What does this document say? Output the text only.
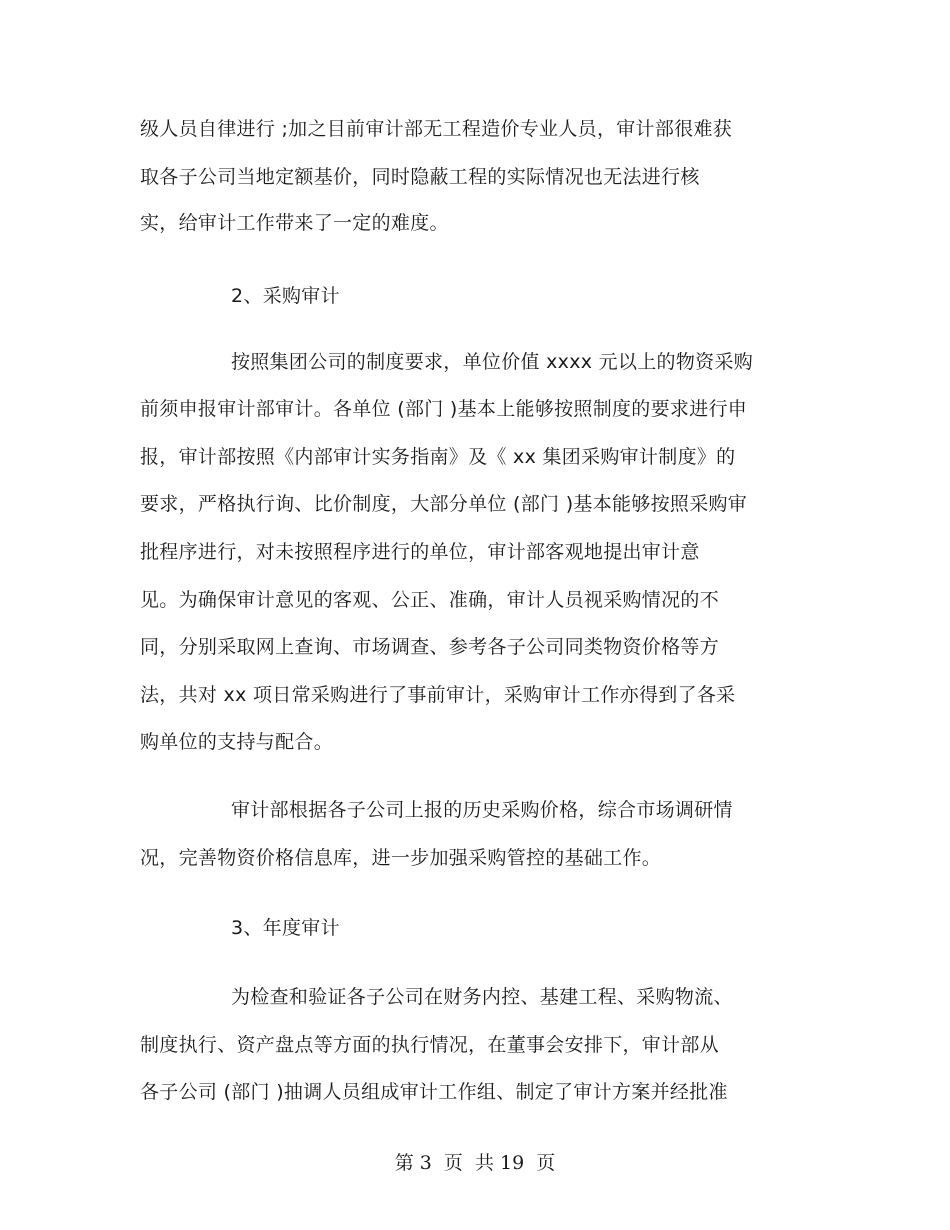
级人员自律进行 ;加之目前审计部无工程造价专业人员，审计部很难获
取各子公司当地定额基价，同时隐蔽工程的实际情况也无法进行核
实，给审计工作带来了一定的难度。
2、采购审计
按照集团公司的制度要求，单位价值 xxxx 元以上的物资采购
前须申报审计部审计。各单位 (部门 )基本上能够按照制度的要求进行申
报，审计部按照《内部审计实务指南》及《 xx 集团采购审计制度》的
要求，严格执行询、比价制度，大部分单位 (部门 )基本能够按照采购审
批程序进行，对未按照程序进行的单位，审计部客观地提出审计意
见。为确保审计意见的客观、公正、准确，审计人员视采购情况的不
同，分别采取网上查询、市场调查、参考各子公司同类物资价格等方
法，共对 xx 项日常采购进行了事前审计，采购审计工作亦得到了各采
购单位的支持与配合。
审计部根据各子公司上报的历史采购价格，综合市场调研情
况，完善物资价格信息库，进一步加强采购管控的基础工作。
3、年度审计
为检查和验证各子公司在财务内控、基建工程、采购物流、
制度执行、资产盘点等方面的执行情况，在董事会安排下，审计部从
各子公司 (部门 )抽调人员组成审计工作组、制定了审计方案并经批准
第 3  页  共 19  页
